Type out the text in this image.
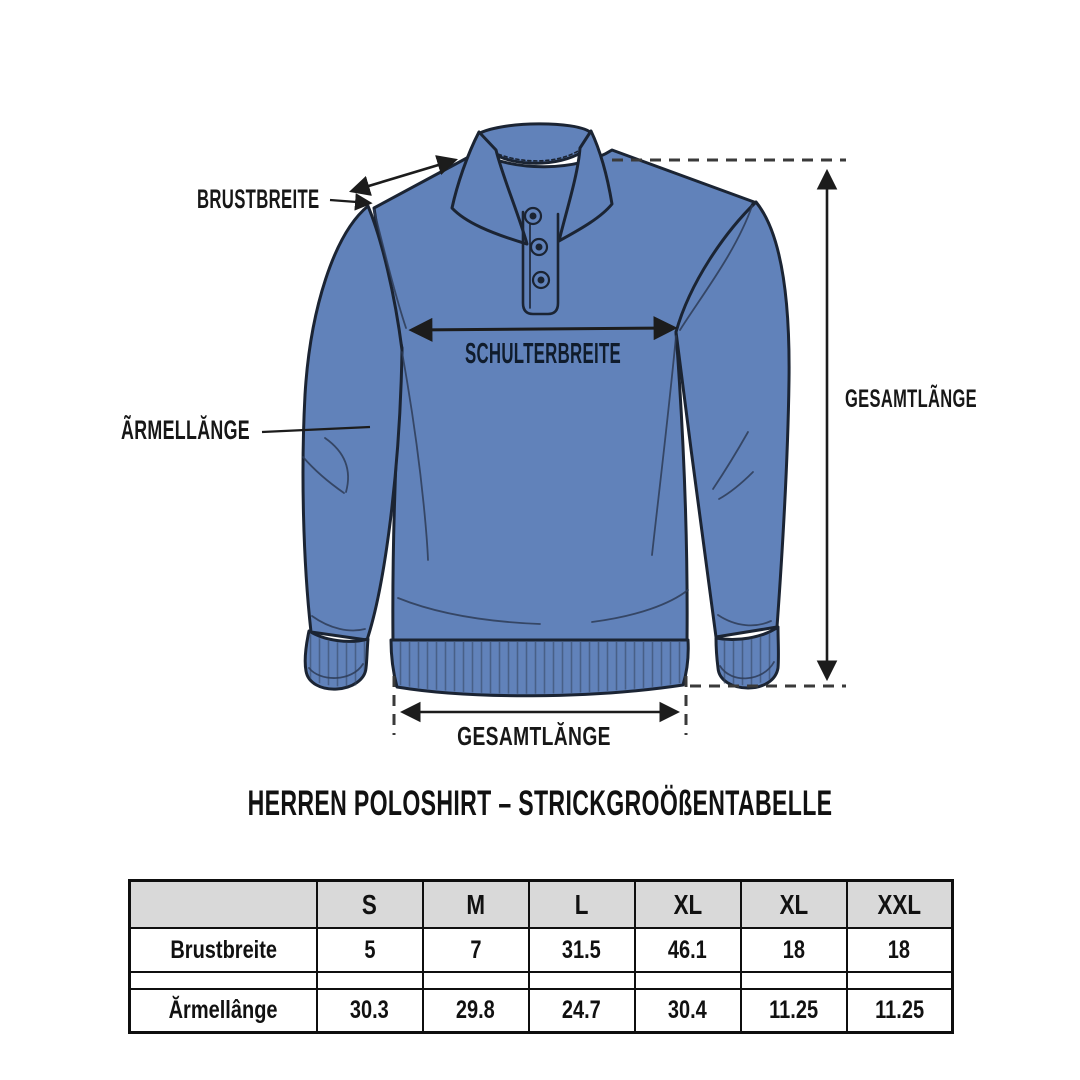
BRUSTBREITE
SCHULTERBREITE
ÃRMELLĂNGE
GESAMTLÃNGE
GESAMTLĂNGE
HERREN POLOSHIRT – STRICKGROÖßENTABELLE
	S	M	L	XL	XL	XXL
Brustbreite	5	7	31.5	46.1	18	18

Ărmellânge	30.3	29.8	24.7	30.4	11.25	11.25
